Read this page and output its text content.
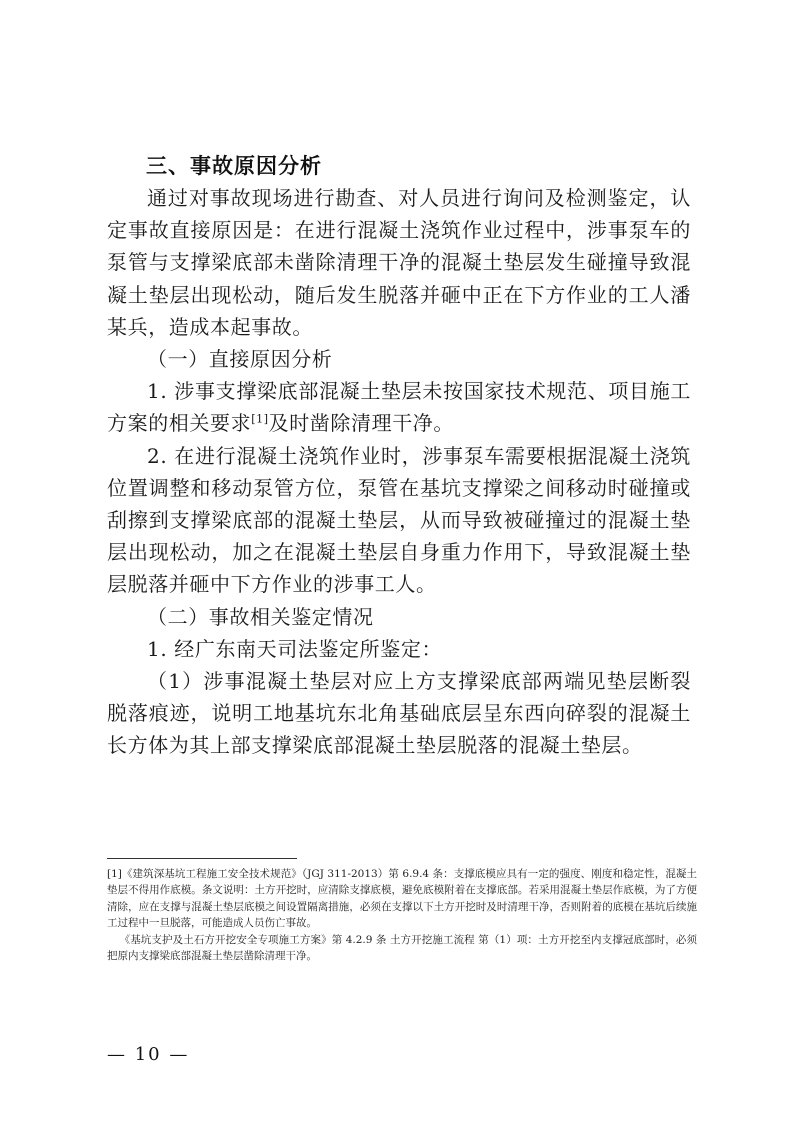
三、事故原因分析

通过对事故现场进行勘查、对人员进行询问及检测鉴定，认定事故直接原因是：在进行混凝土浇筑作业过程中，涉事泵车的泵管与支撑梁底部未凿除清理干净的混凝土垫层发生碰撞导致混凝土垫层出现松动，随后发生脱落并砸中正在下方作业的工人潘某兵，造成本起事故。

（一）直接原因分析

1. 涉事支撑梁底部混凝土垫层未按国家技术规范、项目施工方案的相关要求[1]及时凿除清理干净。

2. 在进行混凝土浇筑作业时，涉事泵车需要根据混凝土浇筑位置调整和移动泵管方位，泵管在基坑支撑梁之间移动时碰撞或刮擦到支撑梁底部的混凝土垫层，从而导致被碰撞过的混凝土垫层出现松动，加之在混凝土垫层自身重力作用下，导致混凝土垫层脱落并砸中下方作业的涉事工人。

（二）事故相关鉴定情况

1. 经广东南天司法鉴定所鉴定：

（1）涉事混凝土垫层对应上方支撑梁底部两端见垫层断裂脱落痕迹，说明工地基坑东北角基础底层呈东西向碎裂的混凝土长方体为其上部支撑梁底部混凝土垫层脱落的混凝土垫层。

[1]《建筑深基坑工程施工安全技术规范》（JGJ 311-2013）第 6.9.4 条：支撑底模应具有一定的强度、刚度和稳定性，混凝土垫层不得用作底模。条文说明：土方开挖时，应清除支撑底模，避免底模附着在支撑底部。若采用混凝土垫层作底模，为了方便清除，应在支撑与混凝土垫层底模之间设置隔离措施，必须在支撑以下土方开挖时及时清理干净，否则附着的底模在基坑后续施工过程中一旦脱落，可能造成人员伤亡事故。

《基坑支护及土石方开挖安全专项施工方案》第 4.2.9 条 土方开挖施工流程 第（1）项：土方开挖至内支撑冠底部时，必须把原内支撑梁底部混凝土垫层凿除清理干净。

— 10 —
